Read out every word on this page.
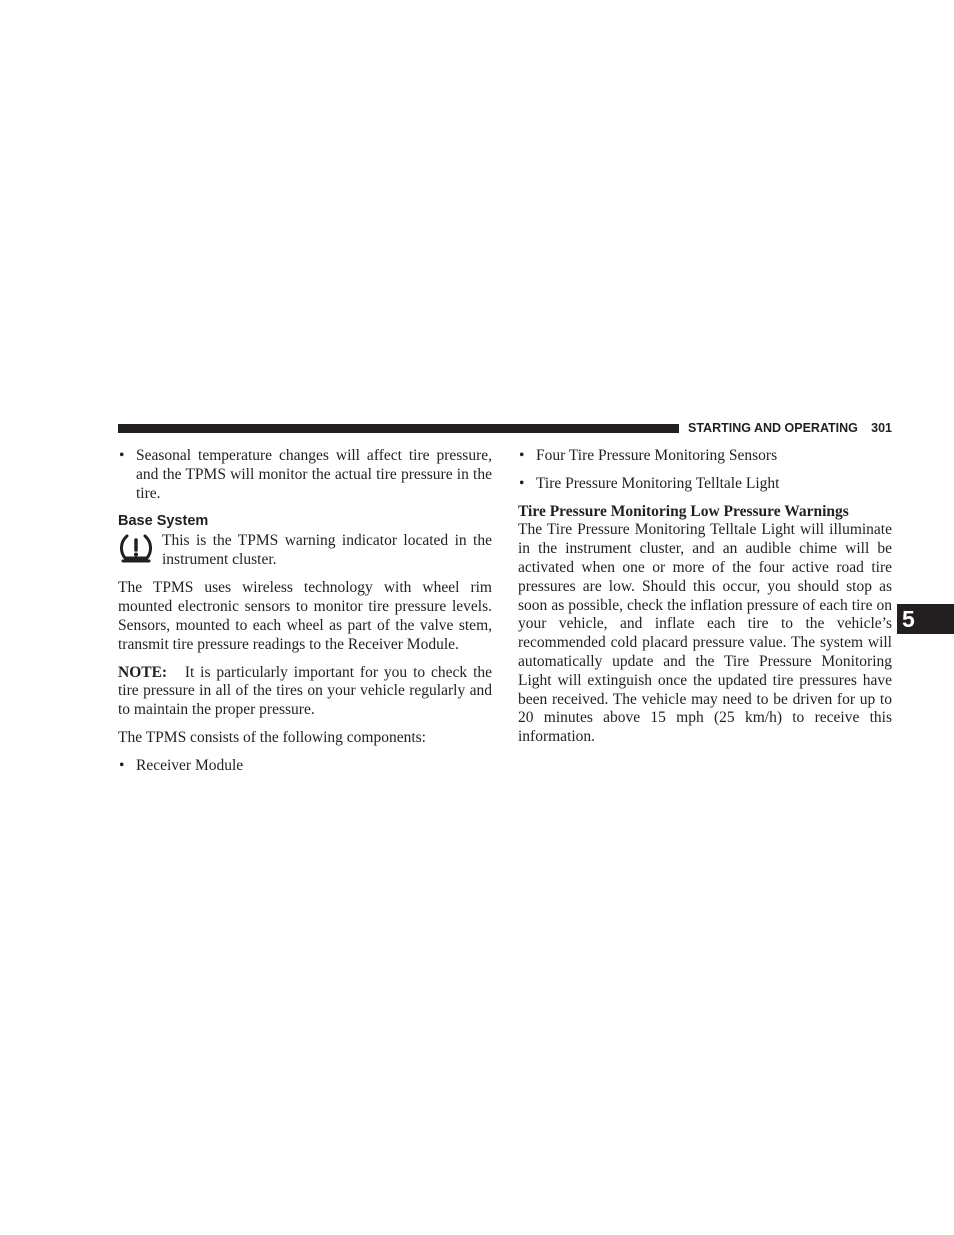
STARTING AND OPERATING 301
5

• Seasonal temperature changes will affect tire pressure, and the TPMS will monitor the actual tire pressure in the tire.

Base System

This is the TPMS warning indicator located in the instrument cluster.

The TPMS uses wireless technology with wheel rim mounted electronic sensors to monitor tire pressure levels. Sensors, mounted to each wheel as part of the valve stem, transmit tire pressure readings to the Receiver Module.

NOTE: It is particularly important for you to check the tire pressure in all of the tires on your vehicle regularly and to maintain the proper pressure.

The TPMS consists of the following components:

• Receiver Module

• Four Tire Pressure Monitoring Sensors

• Tire Pressure Monitoring Telltale Light

Tire Pressure Monitoring Low Pressure Warnings

The Tire Pressure Monitoring Telltale Light will illuminate in the instrument cluster, and an audible chime will be activated when one or more of the four active road tire pressures are low. Should this occur, you should stop as soon as possible, check the inflation pressure of each tire on your vehicle, and inflate each tire to the vehicle’s recommended cold placard pressure value. The system will automatically update and the Tire Pressure Monitoring Light will extinguish once the updated tire pressures have been received. The vehicle may need to be driven for up to 20 minutes above 15 mph (25 km/h) to receive this information.
